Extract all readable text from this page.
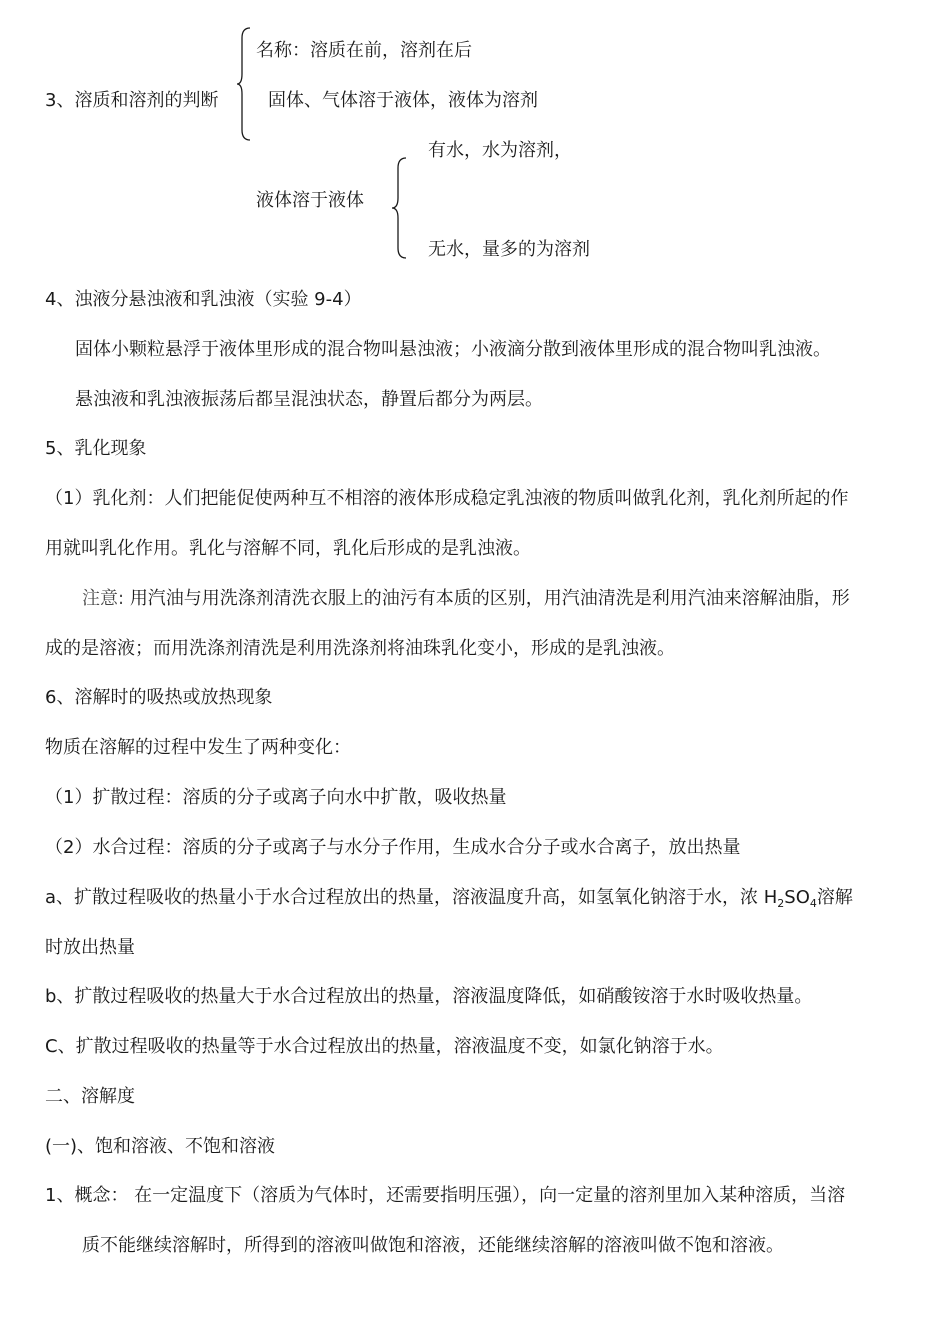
3、溶质和溶剂的判断
名称：溶质在前，溶剂在后
固体、气体溶于液体，液体为溶剂
液体溶于液体
有水，水为溶剂，
无水，量多的为溶剂
4、浊液分悬浊液和乳浊液（实验 9-4）
固体小颗粒悬浮于液体里形成的混合物叫悬浊液；小液滴分散到液体里形成的混合物叫乳浊液。
悬浊液和乳浊液振荡后都呈混浊状态，静置后都分为两层。
5、乳化现象
（1）乳化剂：人们把能促使两种互不相溶的液体形成稳定乳浊液的物质叫做乳化剂，乳化剂所起的作
用就叫乳化作用。乳化与溶解不同，乳化后形成的是乳浊液。
注意: 用汽油与用洗涤剂清洗衣服上的油污有本质的区别，用汽油清洗是利用汽油来溶解油脂，形
成的是溶液；而用洗涤剂清洗是利用洗涤剂将油珠乳化变小，形成的是乳浊液。
6、溶解时的吸热或放热现象
物质在溶解的过程中发生了两种变化：
（1）扩散过程：溶质的分子或离子向水中扩散，吸收热量
（2）水合过程：溶质的分子或离子与水分子作用，生成水合分子或水合离子，放出热量
a、扩散过程吸收的热量小于水合过程放出的热量，溶液温度升高，如氢氧化钠溶于水，浓 $H_2SO_4$溶解
时放出热量
b、扩散过程吸收的热量大于水合过程放出的热量，溶液温度降低，如硝酸铵溶于水时吸收热量。
C、扩散过程吸收的热量等于水合过程放出的热量，溶液温度不变，如氯化钠溶于水。
二、溶解度
(一)、饱和溶液、不饱和溶液
1、概念： 在一定温度下（溶质为气体时，还需要指明压强），向一定量的溶剂里加入某种溶质，当溶
质不能继续溶解时，所得到的溶液叫做饱和溶液，还能继续溶解的溶液叫做不饱和溶液。
